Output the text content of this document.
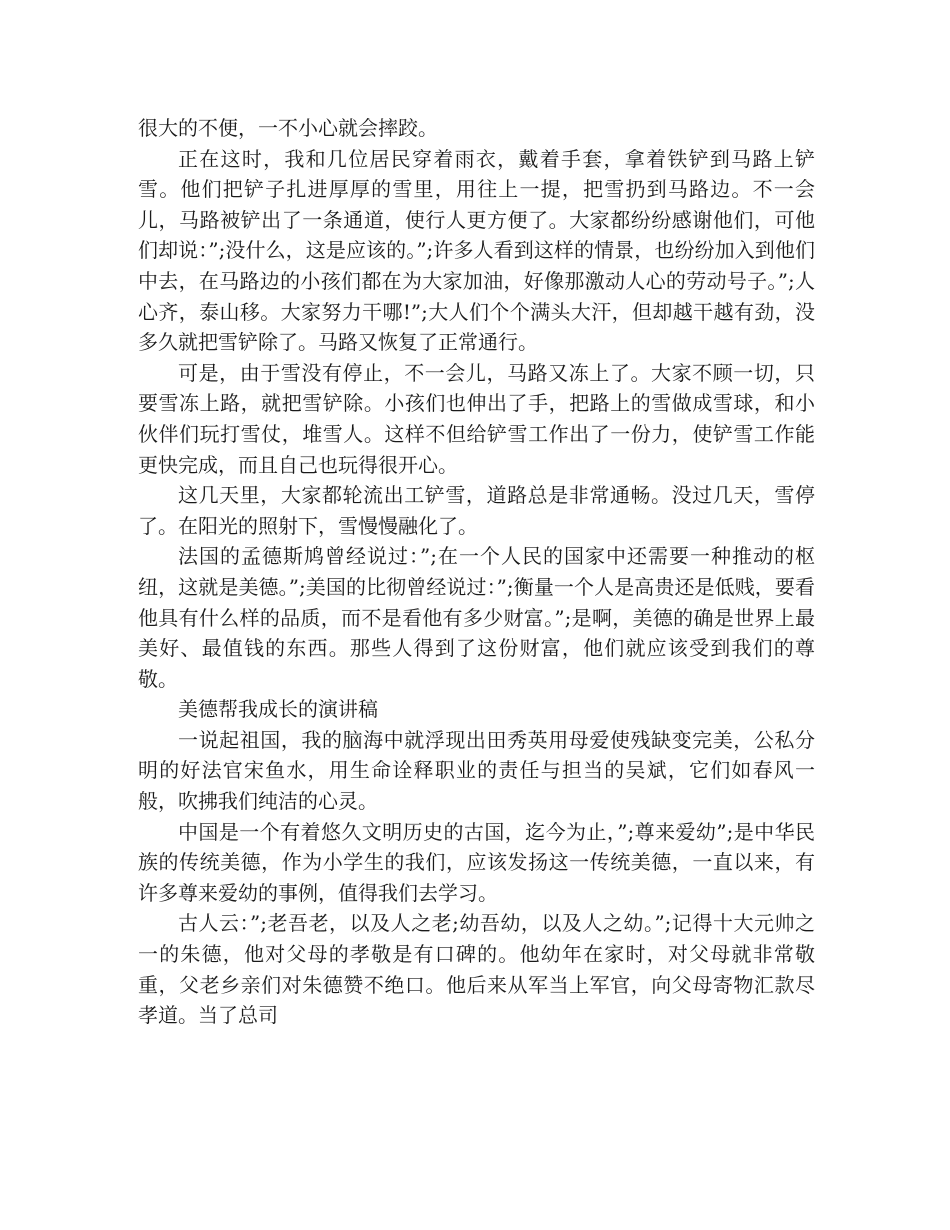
很大的不便，一不小心就会摔跤。

正在这时，我和几位居民穿着雨衣，戴着手套，拿着铁铲到马路上铲雪。他们把铲子扎进厚厚的雪里，用往上一提，把雪扔到马路边。不一会儿，马路被铲出了一条通道，使行人更方便了。大家都纷纷感谢他们，可他们却说：”;没什么，这是应该的。”;许多人看到这样的情景，也纷纷加入到他们中去，在马路边的小孩们都在为大家加油，好像那激动人心的劳动号子。”;人心齐，泰山移。大家努力干哪!”;大人们个个满头大汗，但却越干越有劲，没多久就把雪铲除了。马路又恢复了正常通行。

可是，由于雪没有停止，不一会儿，马路又冻上了。大家不顾一切，只要雪冻上路，就把雪铲除。小孩们也伸出了手，把路上的雪做成雪球，和小伙伴们玩打雪仗，堆雪人。这样不但给铲雪工作出了一份力，使铲雪工作能更快完成，而且自己也玩得很开心。

这几天里，大家都轮流出工铲雪，道路总是非常通畅。没过几天，雪停了。在阳光的照射下，雪慢慢融化了。

法国的孟德斯鸠曾经说过：”;在一个人民的国家中还需要一种推动的枢纽，这就是美德。”;美国的比彻曾经说过：”;衡量一个人是高贵还是低贱，要看他具有什么样的品质，而不是看他有多少财富。”;是啊，美德的确是世界上最美好、最值钱的东西。那些人得到了这份财富，他们就应该受到我们的尊敬。

美德帮我成长的演讲稿

一说起祖国，我的脑海中就浮现出田秀英用母爱使残缺变完美，公私分明的好法官宋鱼水，用生命诠释职业的责任与担当的吴斌，它们如春风一般，吹拂我们纯洁的心灵。

中国是一个有着悠久文明历史的古国，迄今为止，”;尊来爱幼”;是中华民族的传统美德，作为小学生的我们，应该发扬这一传统美德，一直以来，有许多尊来爱幼的事例，值得我们去学习。

古人云：”;老吾老，以及人之老;幼吾幼，以及人之幼。”;记得十大元帅之一的朱德，他对父母的孝敬是有口碑的。他幼年在家时，对父母就非常敬重，父老乡亲们对朱德赞不绝口。他后来从军当上军官，向父母寄物汇款尽孝道。当了总司
